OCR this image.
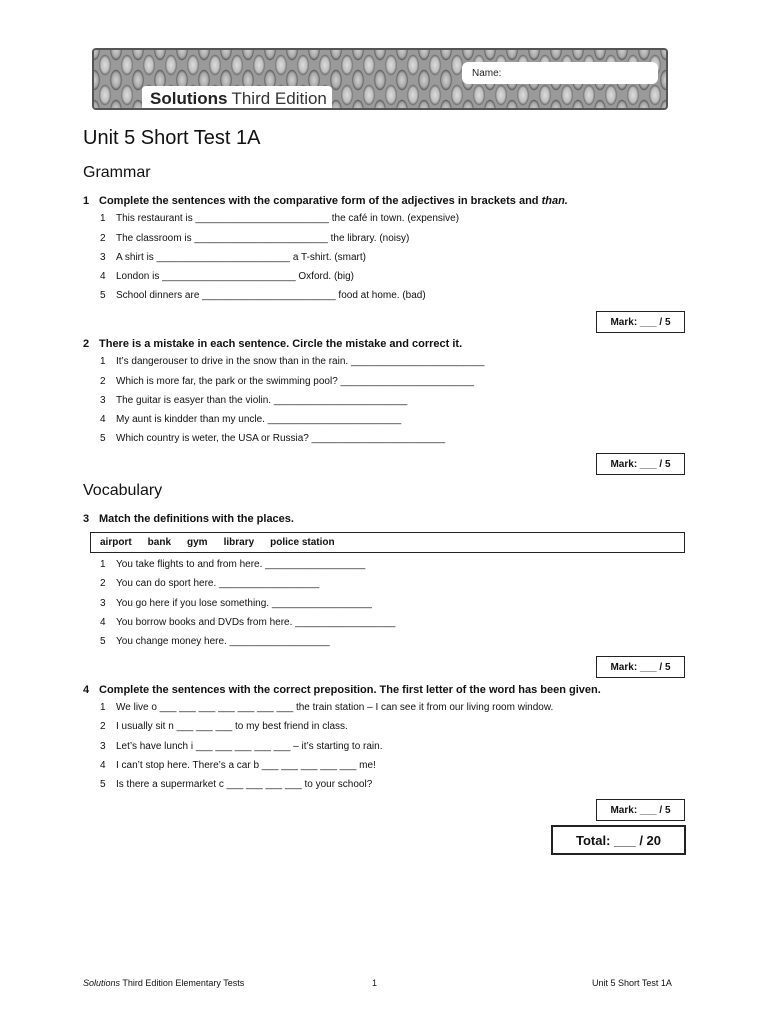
Name:
Solutions Third Edition
Unit 5 Short Test 1A
Grammar

1 Complete the sentences with the comparative form of the adjectives in brackets and than.

1 This restaurant is ________________________ the café in town. (expensive)

2 The classroom is ________________________ the library. (noisy)

3 A shirt is ________________________ a T-shirt. (smart)

4 London is ________________________ Oxford. (big)

5 School dinners are ________________________ food at home. (bad)

Mark: ___ / 5

2 There is a mistake in each sentence. Circle the mistake and correct it.

1 It’s dangerouser to drive in the snow than in the rain. ________________________

2 Which is more far, the park or the swimming pool? ________________________

3 The guitar is easyer than the violin. ________________________

4 My aunt is kindder than my uncle. ________________________

5 Which country is weter, the USA or Russia? ________________________

Mark: ___ / 5
Vocabulary

3 Match the definitions with the places.

airport bank gym library police station

1 You take flights to and from here. __________________

2 You can do sport here. __________________

3 You go here if you lose something. __________________

4 You borrow books and DVDs from here. __________________

5 You change money here. __________________

Mark: ___ / 5

4 Complete the sentences with the correct preposition. The first letter of the word has been given.

1 We live o ___ ___ ___ ___ ___ ___ ___ the train station – I can see it from our living room window.

2 I usually sit n ___ ___ ___ to my best friend in class.

3 Let’s have lunch i ___ ___ ___ ___ ___ – it’s starting to rain.

4 I can’t stop here. There’s a car b ___ ___ ___ ___ ___ me!

5 Is there a supermarket c ___ ___ ___ ___ to your school?

Mark: ___ / 5
Total: ___ / 20
Solutions Third Edition Elementary Tests	1	Unit 5 Short Test 1A
